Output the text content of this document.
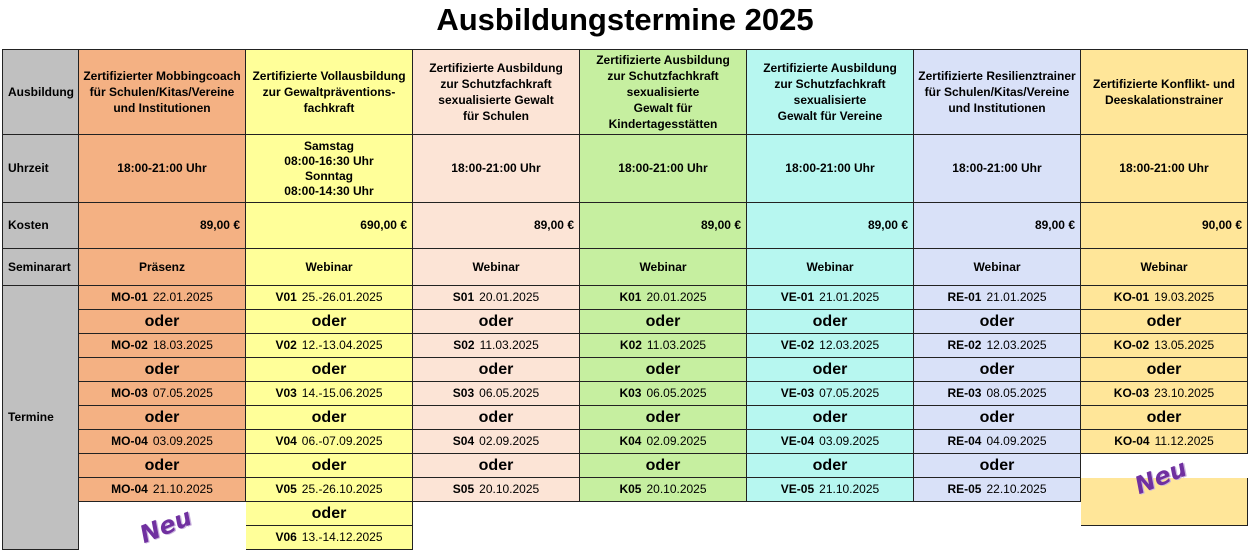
Ausbildungstermine 2025
Ausbildung
Uhrzeit
Kosten
Seminarart
Termine
Zertifizierter Mobbingcoach
für Schulen/Kitas/Vereine
und Institutionen
18:00-21:00 Uhr
89,00 €
Präsenz
MO-01 22.01.2025
oder
MO-02 18.03.2025
oder
MO-03 07.05.2025
oder
MO-04 03.09.2025
oder
MO-04 21.10.2025
Zertifizierte Vollausbildung
zur Gewaltpräventions-
fachkraft
Samstag
08:00-16:30 Uhr
Sonntag
08:00-14:30 Uhr
690,00 €
Webinar
V01 25.-26.01.2025
oder
V02 12.-13.04.2025
oder
V03 14.-15.06.2025
oder
V04 06.-07.09.2025
oder
V05 25.-26.10.2025
oder
V06 13.-14.12.2025
Zertifizierte Ausbildung
zur Schutzfachkraft
sexualisierte Gewalt
für Schulen
18:00-21:00 Uhr
89,00 €
Webinar
S01 20.01.2025
oder
S02 11.03.2025
oder
S03 06.05.2025
oder
S04 02.09.2025
oder
S05 20.10.2025
Zertifizierte Ausbildung
zur Schutzfachkraft
sexualisierte
Gewalt für
Kindertagesstätten
18:00-21:00 Uhr
89,00 €
Webinar
K01 20.01.2025
oder
K02 11.03.2025
oder
K03 06.05.2025
oder
K04 02.09.2025
oder
K05 20.10.2025
Zertifizierte Ausbildung
zur Schutzfachkraft
sexualisierte
Gewalt für Vereine
18:00-21:00 Uhr
89,00 €
Webinar
VE-01 21.01.2025
oder
VE-02 12.03.2025
oder
VE-03 07.05.2025
oder
VE-04 03.09.2025
oder
VE-05 21.10.2025
Zertifizierte Resilienztrainer
für Schulen/Kitas/Vereine
und Institutionen
18:00-21:00 Uhr
89,00 €
Webinar
RE-01 21.01.2025
oder
RE-02 12.03.2025
oder
RE-03 08.05.2025
oder
RE-04 04.09.2025
oder
RE-05 22.10.2025
Zertifizierte Konflikt- und
Deeskalationstrainer
18:00-21:00 Uhr
90,00 €
Webinar
KO-01 19.03.2025
oder
KO-02 13.05.2025
oder
KO-03 23.10.2025
oder
KO-04 11.12.2025
Neu
Neu
